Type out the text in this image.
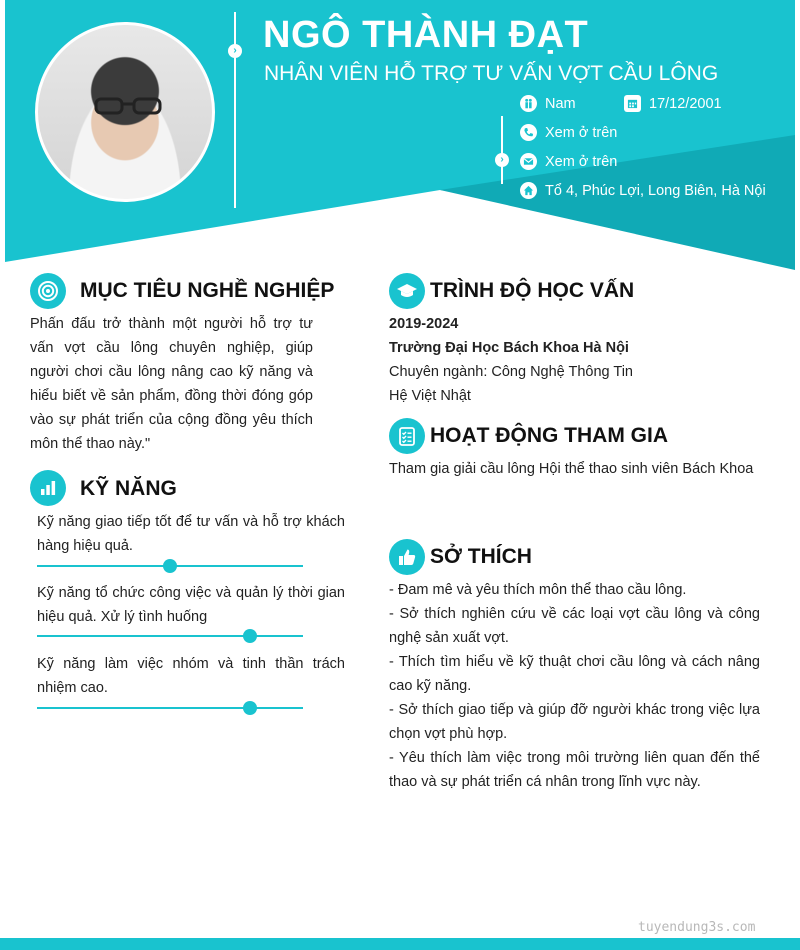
› NGÔ THÀNH ĐẠT
NHÂN VIÊN HỖ TRỢ TƯ VẤN VỢT CẦU LÔNG
›
Nam	17/12/2001
Xem ở trên
Xem ở trên
Tổ 4, Phúc Lợi, Long Biên, Hà Nội
MỤC TIÊU NGHỀ NGHIỆP
Phấn đấu trở thành một người hỗ trợ tư vấn vợt cầu lông chuyên nghiệp, giúp người chơi cầu lông nâng cao kỹ năng và hiểu biết về sản phẩm, đồng thời đóng góp vào sự phát triển của cộng đồng yêu thích môn thể thao này."
KỸ NĂNG
Kỹ năng giao tiếp tốt để tư vấn và hỗ trợ khách hàng hiệu quả.
Kỹ năng tổ chức công việc và quản lý thời gian hiệu quả. Xử lý tình huống
Kỹ năng làm việc nhóm và tinh thần trách nhiệm cao.
TRÌNH ĐỘ HỌC VẤN
2019-2024
Trường Đại Học Bách Khoa Hà Nội
Chuyên ngành: Công Nghệ Thông Tin
Hệ Việt Nhật
HOẠT ĐỘNG THAM GIA
Tham gia giải cầu lông Hội thể thao sinh viên Bách Khoa
SỞ THÍCH
- Đam mê và yêu thích môn thể thao cầu lông.
- Sở thích nghiên cứu về các loại vợt cầu lông và công nghệ sản xuất vợt.
- Thích tìm hiểu về kỹ thuật chơi cầu lông và cách nâng cao kỹ năng.
- Sở thích giao tiếp và giúp đỡ người khác trong việc lựa chọn vợt phù hợp.
- Yêu thích làm việc trong môi trường liên quan đến thể thao và sự phát triển cá nhân trong lĩnh vực này.
tuyendung3s.com
